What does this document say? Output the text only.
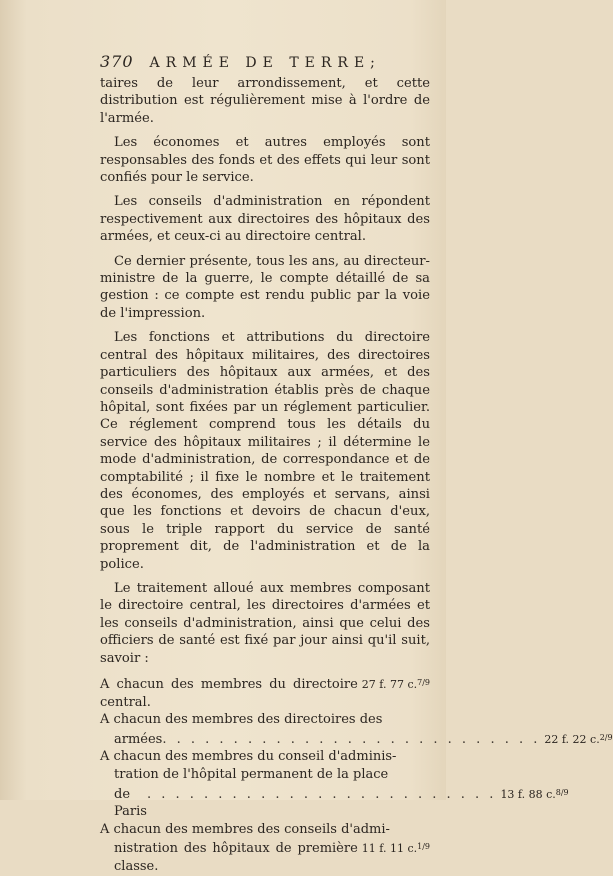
370 ARMÉE DE TERRE;

taires de leur arrondissement, et cette distribution est régulièrement mise à l'ordre de l'armée.

Les économes et autres employés sont responsables des fonds et des effets qui leur sont confiés pour le service.

Les conseils d'administration en répondent respectivement aux directoires des hôpitaux des armées, et ceux-ci au directoire central.

Ce dernier présente, tous les ans, au directeur-ministre de la guerre, le compte détaillé de sa gestion : ce compte est rendu public par la voie de l'impression.

Les fonctions et attributions du directoire central des hôpitaux militaires, des directoires particuliers des hôpitaux aux armées, et des conseils d'administration établis près de chaque hôpital, sont fixées par un réglement particulier. Ce réglement comprend tous les détails du service des hôpitaux militaires ; il détermine le mode d'administration, de correspondance et de comptabilité ; il fixe le nombre et le traitement des économes, des employés et servans, ainsi que les fonctions et devoirs de chacun d'eux, sous le triple rapport du service de santé proprement dit, de l'administration et de la police.

Le traitement alloué aux membres composant le directoire central, les directoires d'armées et les conseils d'administration, ainsi que celui des officiers de santé est fixé par jour ainsi qu'il suit, savoir :

A chacun des membres du directoire central.
27 f. 77 c.$^{7/9}$
A chacun des membres des directoires des
armées . . . . . . . . . . . . . . . . . . . . . . . . . . . 22 f. 22 c.$^{2/9}$
A chacun des membres du conseil d'adminis-
tration de l'hôpital permanent de la place
de Paris
. . . . . . . . . . . . . . . . . . . . . . . . . 13 f. 88 c.$^{8/9}$
A chacun des membres des conseils d'admi-
nistration des hôpitaux de première classe.
11 f. 11 c.$^{1/9}$
